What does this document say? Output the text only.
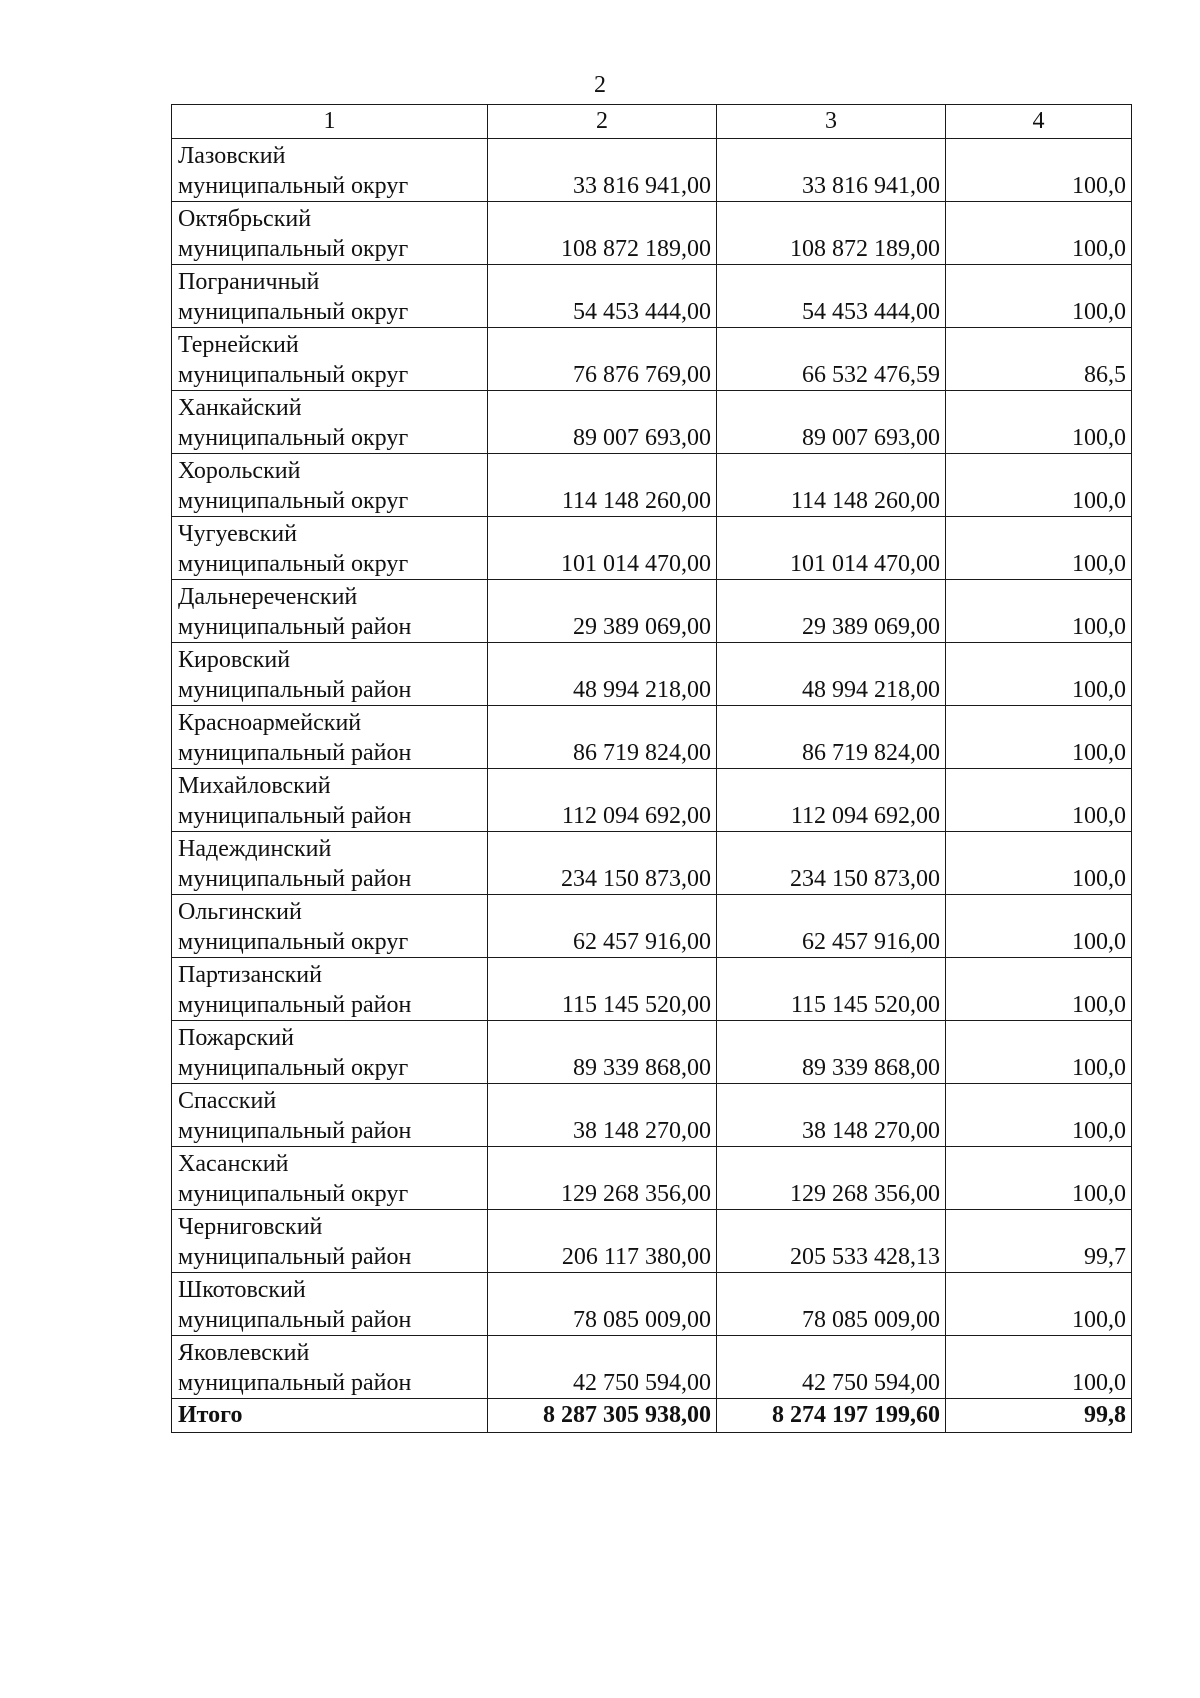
2
1	2	3	4

Лазовский
муниципальный округ	33 816 941,00	33 816 941,00	100,0

Октябрьский
муниципальный округ	108 872 189,00	108 872 189,00	100,0

Пограничный
муниципальный округ	54 453 444,00	54 453 444,00	100,0

Тернейский
муниципальный округ	76 876 769,00	66 532 476,59	86,5

Ханкайский
муниципальный округ	89 007 693,00	89 007 693,00	100,0

Хорольский
муниципальный округ	114 148 260,00	114 148 260,00	100,0

Чугуевский
муниципальный округ	101 014 470,00	101 014 470,00	100,0

Дальнереченский
муниципальный район	29 389 069,00	29 389 069,00	100,0

Кировский
муниципальный район	48 994 218,00	48 994 218,00	100,0

Красноармейский
муниципальный район	86 719 824,00	86 719 824,00	100,0

Михайловский
муниципальный район	112 094 692,00	112 094 692,00	100,0

Надеждинский
муниципальный район	234 150 873,00	234 150 873,00	100,0

Ольгинский
муниципальный округ	62 457 916,00	62 457 916,00	100,0

Партизанский
муниципальный район	115 145 520,00	115 145 520,00	100,0

Пожарский
муниципальный округ	89 339 868,00	89 339 868,00	100,0

Спасский
муниципальный район	38 148 270,00	38 148 270,00	100,0

Хасанский
муниципальный округ	129 268 356,00	129 268 356,00	100,0

Черниговский
муниципальный район	206 117 380,00	205 533 428,13	99,7

Шкотовский
муниципальный район	78 085 009,00	78 085 009,00	100,0

Яковлевский
муниципальный район	42 750 594,00	42 750 594,00	100,0
Итого	8 287 305 938,00	8 274 197 199,60	99,8
